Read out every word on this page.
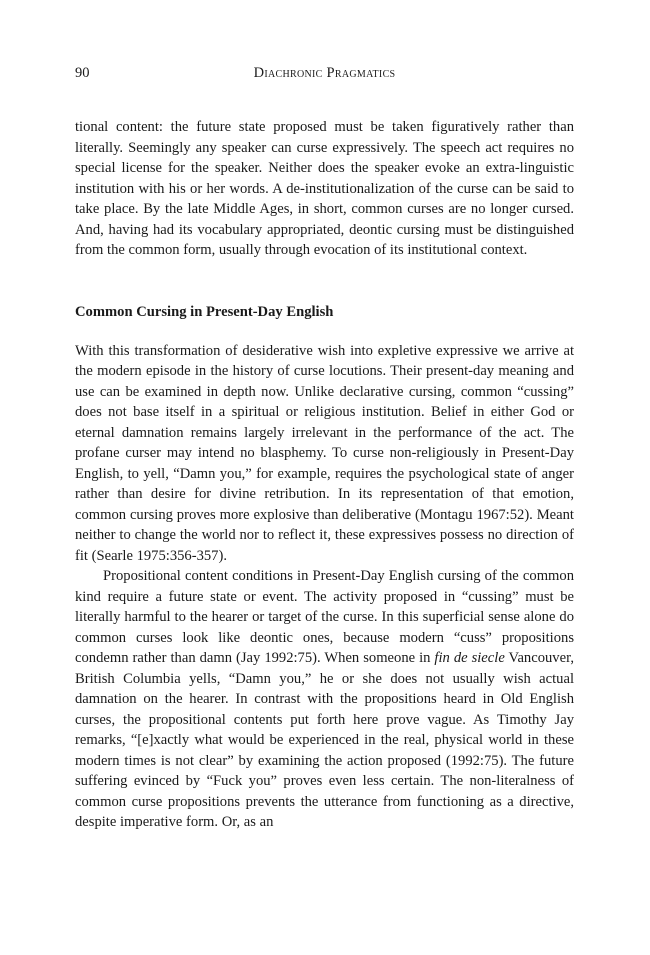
90	Diachronic Pragmatics

tional content: the future state proposed must be taken figuratively rather than literally. Seemingly any speaker can curse expressively. The speech act requires no special license for the speaker. Neither does the speaker evoke an extra-linguistic institution with his or her words. A de-institutionalization of the curse can be said to take place. By the late Middle Ages, in short, common curses are no longer cursed. And, having had its vocabulary appropriated, deontic cursing must be distinguished from the common form, usually through evocation of its institutional context.

Common Cursing in Present-Day English

With this transformation of desiderative wish into expletive expressive we arrive at the modern episode in the history of curse locutions. Their present-day meaning and use can be examined in depth now. Unlike declarative cursing, common “cussing” does not base itself in a spiritual or religious institution. Belief in either God or eternal damnation remains largely irrelevant in the performance of the act. The profane curser may intend no blasphemy. To curse non-religiously in Present-Day English, to yell, “Damn you,” for example, requires the psychological state of anger rather than desire for divine retribution. In its representation of that emotion, common cursing proves more explosive than deliberative (Montagu 1967:52). Meant neither to change the world nor to reflect it, these expressives possess no direction of fit (Searle 1975:356-357).

Propositional content conditions in Present-Day English cursing of the common kind require a future state or event. The activity proposed in “cussing” must be literally harmful to the hearer or target of the curse. In this superficial sense alone do common curses look like deontic ones, because modern “cuss” propositions condemn rather than damn (Jay 1992:75). When someone in fin de siecle Vancouver, British Columbia yells, “Damn you,” he or she does not usually wish actual damnation on the hearer. In contrast with the propositions heard in Old English curses, the propositional contents put forth here prove vague. As Timothy Jay remarks, “[e]xactly what would be experienced in the real, physical world in these modern times is not clear” by examining the action proposed (1992:75). The future suffering evinced by “Fuck you” proves even less certain. The non-literalness of common curse propositions prevents the utterance from functioning as a directive, despite imperative form. Or, as an
